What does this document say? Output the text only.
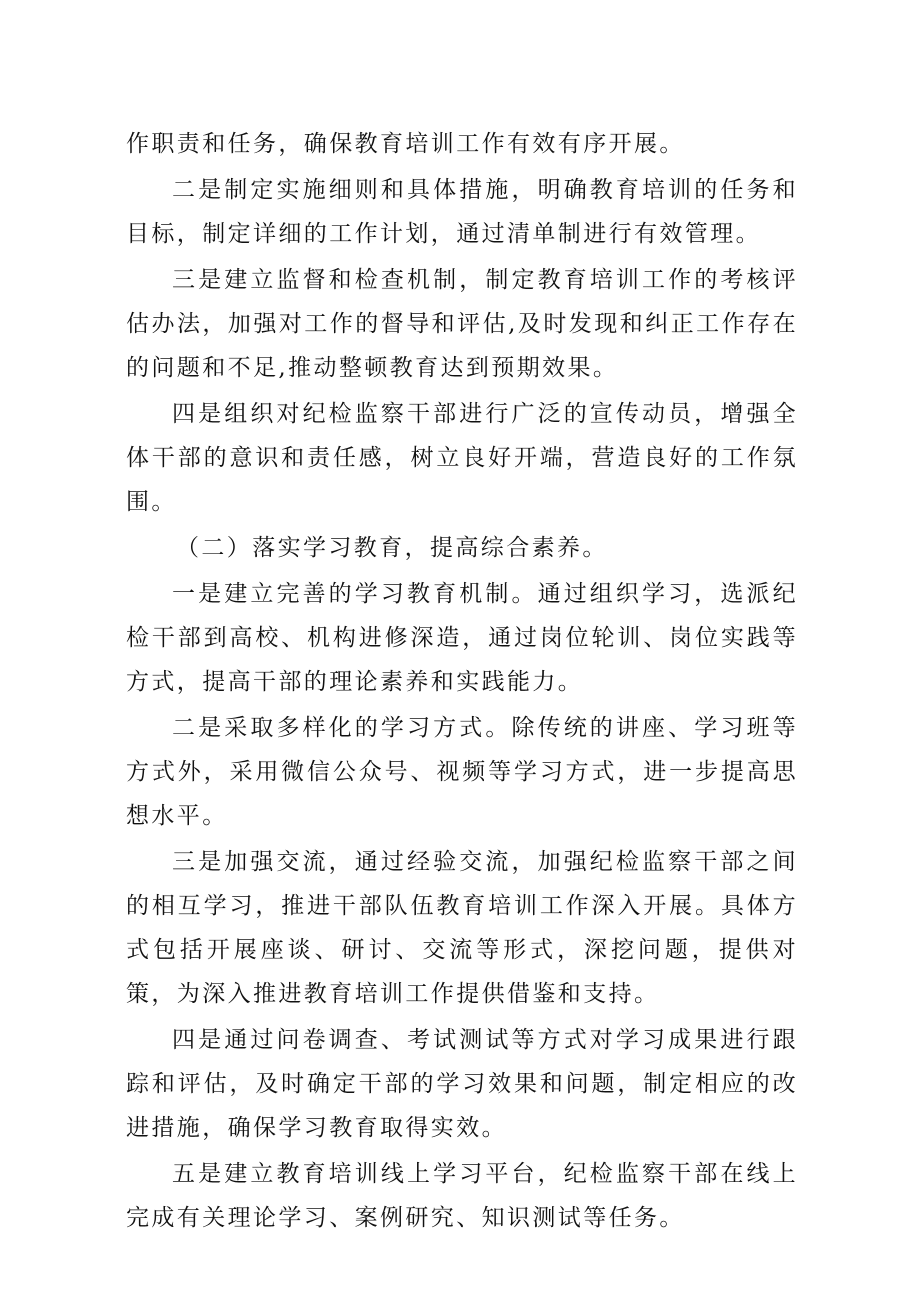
作职责和任务，确保教育培训工作有效有序开展。

二是制定实施细则和具体措施，明确教育培训的任务和目标，制定详细的工作计划，通过清单制进行有效管理。

三是建立监督和检查机制，制定教育培训工作的考核评估办法，加强对工作的督导和评估,及时发现和纠正工作存在的问题和不足,推动整顿教育达到预期效果。

四是组织对纪检监察干部进行广泛的宣传动员，增强全体干部的意识和责任感，树立良好开端，营造良好的工作氛围。

（二）落实学习教育，提高综合素养。

一是建立完善的学习教育机制。通过组织学习，选派纪检干部到高校、机构进修深造，通过岗位轮训、岗位实践等方式，提高干部的理论素养和实践能力。

二是采取多样化的学习方式。除传统的讲座、学习班等方式外，采用微信公众号、视频等学习方式，进一步提高思想水平。

三是加强交流，通过经验交流，加强纪检监察干部之间的相互学习，推进干部队伍教育培训工作深入开展。具体方式包括开展座谈、研讨、交流等形式，深挖问题，提供对策，为深入推进教育培训工作提供借鉴和支持。

四是通过问卷调查、考试测试等方式对学习成果进行跟踪和评估，及时确定干部的学习效果和问题，制定相应的改进措施，确保学习教育取得实效。

五是建立教育培训线上学习平台，纪检监察干部在线上完成有关理论学习、案例研究、知识测试等任务。
